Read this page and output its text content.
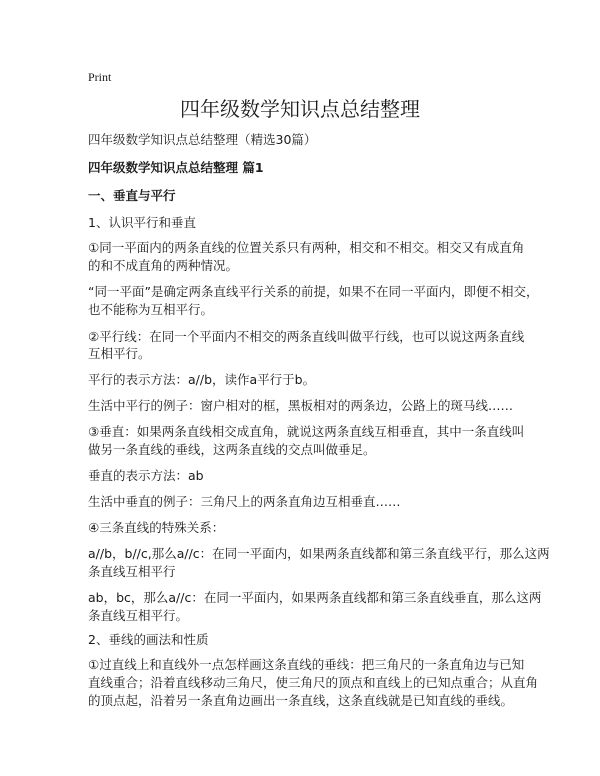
Print
四年级数学知识点总结整理
四年级数学知识点总结整理（精选30篇）
四年级数学知识点总结整理 篇1
一、垂直与平行
1、认识平行和垂直
①同一平面内的两条直线的位置关系只有两种，相交和不相交。相交又有成直角
的和不成直角的两种情况。
“同一平面”是确定两条直线平行关系的前提，如果不在同一平面内，即便不相交，
也不能称为互相平行。
②平行线：在同一个平面内不相交的两条直线叫做平行线，也可以说这两条直线
互相平行。
平行的表示方法：a//b，读作a平行于b。
生活中平行的例子：窗户相对的框，黑板相对的两条边，公路上的斑马线……
③垂直：如果两条直线相交成直角，就说这两条直线互相垂直，其中一条直线叫
做另一条直线的垂线，这两条直线的交点叫做垂足。
垂直的表示方法：ab
生活中垂直的例子：三角尺上的两条直角边互相垂直……
④三条直线的特殊关系：
a//b，b//c,那么a//c：在同一平面内，如果两条直线都和第三条直线平行，那么这两
条直线互相平行
ab，bc，那么a//c：在同一平面内，如果两条直线都和第三条直线垂直，那么这两
条直线互相平行。
2、垂线的画法和性质
①过直线上和直线外一点怎样画这条直线的垂线：把三角尺的一条直角边与已知
直线重合；沿着直线移动三角尺，使三角尺的顶点和直线上的已知点重合；从直角
的顶点起，沿着另一条直角边画出一条直线，这条直线就是已知直线的垂线。
